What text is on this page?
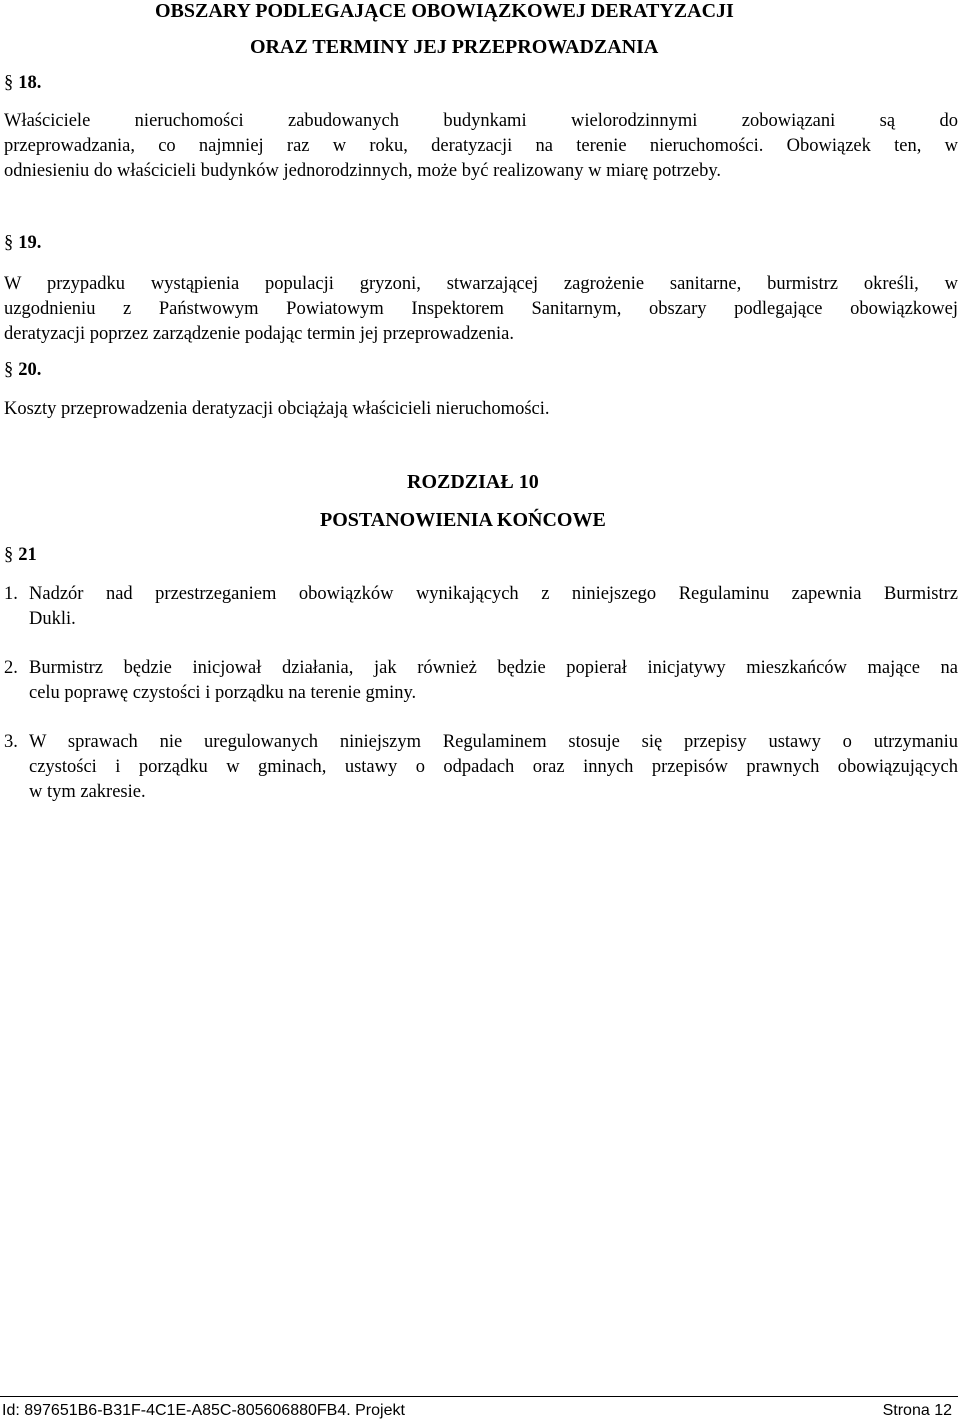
OBSZARY PODLEGAJĄCE OBOWIĄZKOWEJ DERATYZACJI
ORAZ TERMINY JEJ PRZEPROWADZANIA
§ 18.
Właściciele nieruchomości zabudowanych budynkami wielorodzinnymi zobowiązani są do
przeprowadzania, co najmniej raz w roku, deratyzacji na terenie nieruchomości. Obowiązek ten, w
odniesieniu do właścicieli budynków jednorodzinnych, może być realizowany w miarę potrzeby.
§ 19.
W przypadku wystąpienia populacji gryzoni, stwarzającej zagrożenie sanitarne, burmistrz określi, w
uzgodnieniu z Państwowym Powiatowym Inspektorem Sanitarnym, obszary podlegające obowiązkowej
deratyzacji poprzez zarządzenie podając termin jej przeprowadzenia.
§ 20.
Koszty przeprowadzenia deratyzacji obciążają właścicieli nieruchomości.
ROZDZIAŁ 10
POSTANOWIENIA KOŃCOWE
§ 21
1. Nadzór nad przestrzeganiem obowiązków wynikających z niniejszego Regulaminu zapewnia Burmistrz
Dukli.
2. Burmistrz będzie inicjował działania, jak również będzie popierał inicjatywy mieszkańców mające na
celu poprawę czystości i porządku na terenie gminy.
3. W sprawach nie uregulowanych niniejszym Regulaminem stosuje się przepisy ustawy o utrzymaniu
czystości i porządku w gminach, ustawy o odpadach oraz innych przepisów prawnych obowiązujących
w tym zakresie.
Id: 897651B6-B31F-4C1E-A85C-805606880FB4. Projekt	Strona 12
